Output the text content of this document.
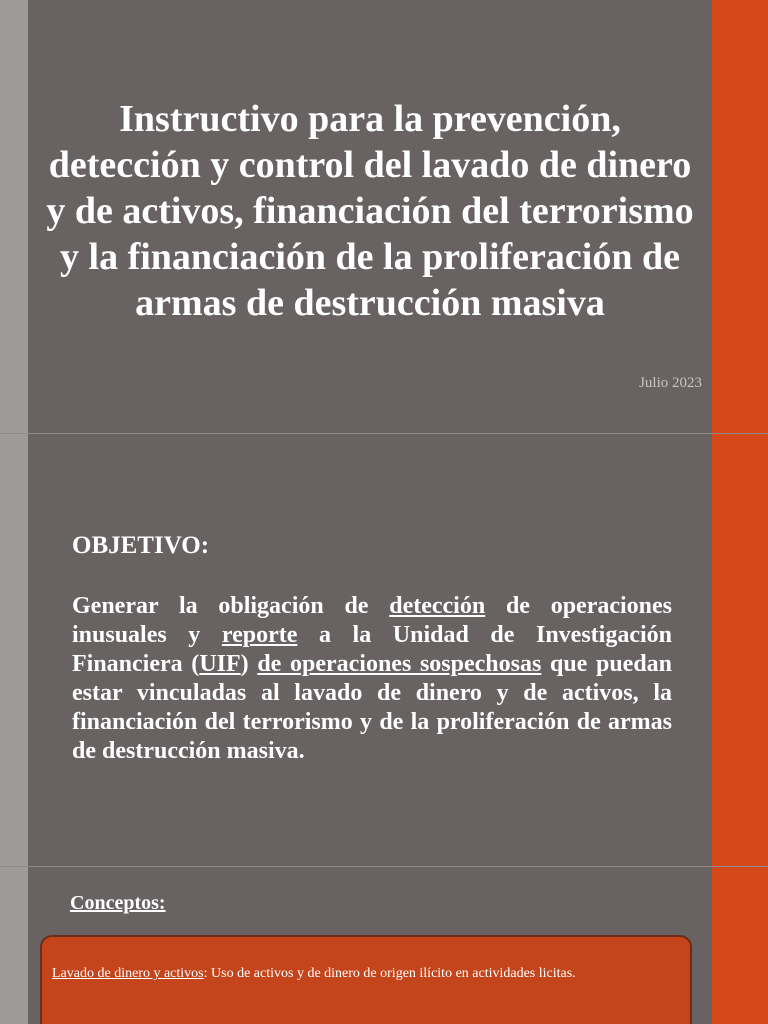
Instructivo para la prevención, detección y control del lavado de dinero y de activos, financiación del terrorismo y la financiación de la proliferación de armas de destrucción masiva
Julio 2023
OBJETIVO:

Generar la obligación de detección de operaciones inusuales y reporte a la Unidad de Investigación Financiera (UIF) de operaciones sospechosas que puedan estar vinculadas al lavado de dinero y de activos, la financiación del terrorismo y de la proliferación de armas de destrucción masiva.

Conceptos:

Lavado de dinero y activos: Uso de activos y de dinero de origen ilícito en actividades licitas.
